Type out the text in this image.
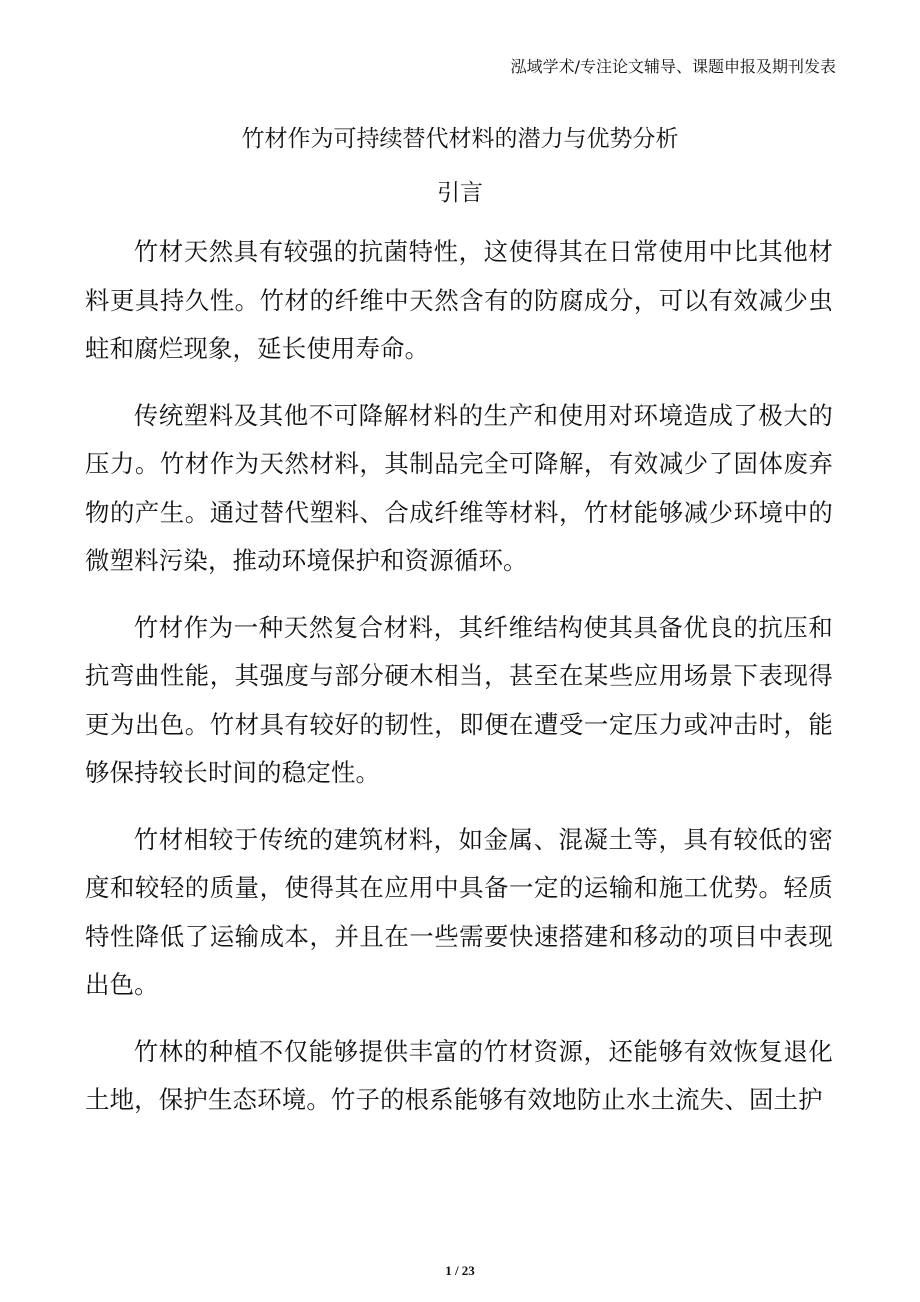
泓域学术/专注论文辅导、课题申报及期刊发表
竹材作为可持续替代材料的潜力与优势分析
引言

竹材天然具有较强的抗菌特性，这使得其在日常使用中比其他材料更具持久性。竹材的纤维中天然含有的防腐成分，可以有效减少虫蛀和腐烂现象，延长使用寿命。

传统塑料及其他不可降解材料的生产和使用对环境造成了极大的压力。竹材作为天然材料，其制品完全可降解，有效减少了固体废弃物的产生。通过替代塑料、合成纤维等材料，竹材能够减少环境中的微塑料污染，推动环境保护和资源循环。

竹材作为一种天然复合材料，其纤维结构使其具备优良的抗压和抗弯曲性能，其强度与部分硬木相当，甚至在某些应用场景下表现得更为出色。竹材具有较好的韧性，即便在遭受一定压力或冲击时，能够保持较长时间的稳定性。

竹材相较于传统的建筑材料，如金属、混凝土等，具有较低的密度和较轻的质量，使得其在应用中具备一定的运输和施工优势。轻质特性降低了运输成本，并且在一些需要快速搭建和移动的项目中表现出色。

竹林的种植不仅能够提供丰富的竹材资源，还能够有效恢复退化土地，保护生态环境。竹子的根系能够有效地防止水土流失、固土护

1 / 23
